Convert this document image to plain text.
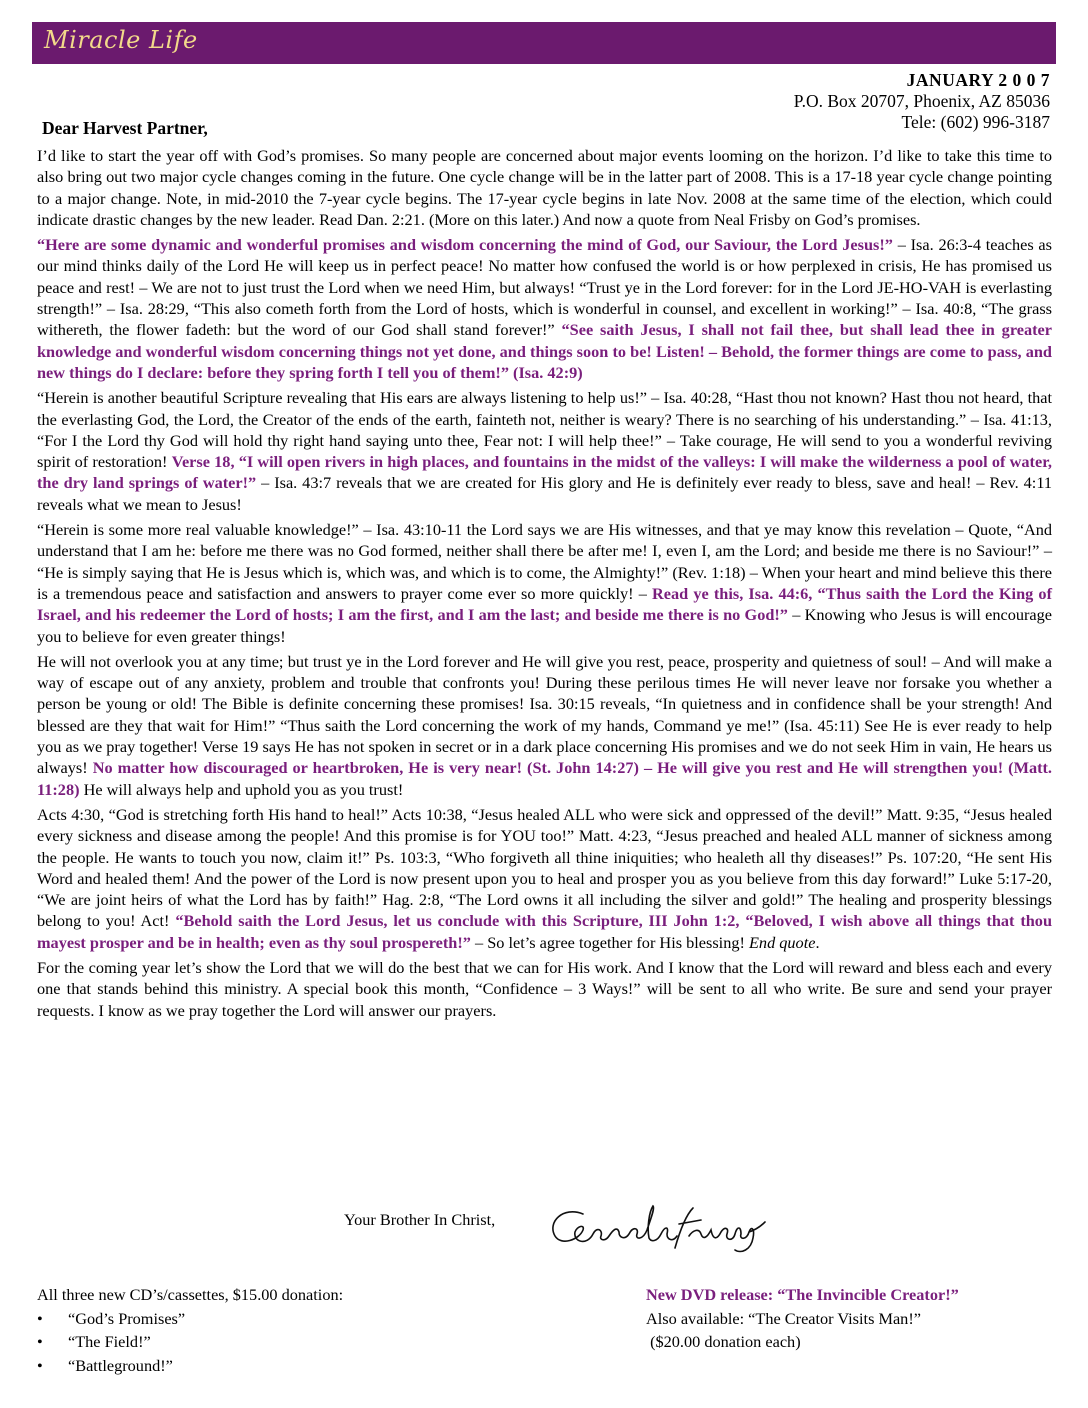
Miracle Life
JANUARY 2 0 0 7
P.O. Box 20707, Phoenix, AZ 85036
Tele: (602) 996-3187
Dear Harvest Partner,

I’d like to start the year off with God’s promises. So many people are concerned about major events looming on the horizon. I’d like to take this time to also bring out two major cycle changes coming in the future. One cycle change will be in the latter part of 2008. This is a 17-18 year cycle change pointing to a major change. Note, in mid-2010 the 7-year cycle begins. The 17-year cycle begins in late Nov. 2008 at the same time of the election, which could indicate drastic changes by the new leader. Read Dan. 2:21. (More on this later.) And now a quote from Neal Frisby on God’s promises.

“Here are some dynamic and wonderful promises and wisdom concerning the mind of God, our Saviour, the Lord Jesus!” – Isa. 26:3-4 teaches as our mind thinks daily of the Lord He will keep us in perfect peace! No matter how confused the world is or how perplexed in crisis, He has promised us peace and rest! – We are not to just trust the Lord when we need Him, but always! “Trust ye in the Lord forever: for in the Lord JE-HO-VAH is everlasting strength!” – Isa. 28:29, “This also cometh forth from the Lord of hosts, which is wonderful in counsel, and excellent in working!” – Isa. 40:8, “The grass withereth, the flower fadeth: but the word of our God shall stand forever!” “See saith Jesus, I shall not fail thee, but shall lead thee in greater knowledge and wonderful wisdom concerning things not yet done, and things soon to be! Listen! – Behold, the former things are come to pass, and new things do I declare: before they spring forth I tell you of them!” (Isa. 42:9)

“Herein is another beautiful Scripture revealing that His ears are always listening to help us!” – Isa. 40:28, “Hast thou not known? Hast thou not heard, that the everlasting God, the Lord, the Creator of the ends of the earth, fainteth not, neither is weary? There is no searching of his understanding.” – Isa. 41:13, “For I the Lord thy God will hold thy right hand saying unto thee, Fear not: I will help thee!” – Take courage, He will send to you a wonderful reviving spirit of restoration! Verse 18, “I will open rivers in high places, and fountains in the midst of the valleys: I will make the wilderness a pool of water, the dry land springs of water!” – Isa. 43:7 reveals that we are created for His glory and He is definitely ever ready to bless, save and heal! – Rev. 4:11 reveals what we mean to Jesus!

“Herein is some more real valuable knowledge!” – Isa. 43:10-11 the Lord says we are His witnesses, and that ye may know this revelation – Quote, “And understand that I am he: before me there was no God formed, neither shall there be after me! I, even I, am the Lord; and beside me there is no Saviour!” – “He is simply saying that He is Jesus which is, which was, and which is to come, the Almighty!” (Rev. 1:18) – When your heart and mind believe this there is a tremendous peace and satisfaction and answers to prayer come ever so more quickly! – Read ye this, Isa. 44:6, “Thus saith the Lord the King of Israel, and his redeemer the Lord of hosts; I am the first, and I am the last; and beside me there is no God!” – Knowing who Jesus is will encourage you to believe for even greater things!

He will not overlook you at any time; but trust ye in the Lord forever and He will give you rest, peace, prosperity and quietness of soul! – And will make a way of escape out of any anxiety, problem and trouble that confronts you! During these perilous times He will never leave nor forsake you whether a person be young or old! The Bible is definite concerning these promises! Isa. 30:15 reveals, “In quietness and in confidence shall be your strength! And blessed are they that wait for Him!” “Thus saith the Lord concerning the work of my hands, Command ye me!” (Isa. 45:11) See He is ever ready to help you as we pray together! Verse 19 says He has not spoken in secret or in a dark place concerning His promises and we do not seek Him in vain, He hears us always! No matter how discouraged or heartbroken, He is very near! (St. John 14:27) – He will give you rest and He will strengthen you! (Matt. 11:28) He will always help and uphold you as you trust!

Acts 4:30, “God is stretching forth His hand to heal!” Acts 10:38, “Jesus healed ALL who were sick and oppressed of the devil!” Matt. 9:35, “Jesus healed every sickness and disease among the people! And this promise is for YOU too!” Matt. 4:23, “Jesus preached and healed ALL manner of sickness among the people. He wants to touch you now, claim it!” Ps. 103:3, “Who forgiveth all thine iniquities; who healeth all thy diseases!” Ps. 107:20, “He sent His Word and healed them! And the power of the Lord is now present upon you to heal and prosper you as you believe from this day forward!” Luke 5:17-20, “We are joint heirs of what the Lord has by faith!” Hag. 2:8, “The Lord owns it all including the silver and gold!” The healing and prosperity blessings belong to you! Act! “Behold saith the Lord Jesus, let us conclude with this Scripture, III John 1:2, “Beloved, I wish above all things that thou mayest prosper and be in health; even as thy soul prospereth!” – So let’s agree together for His blessing! End quote.

For the coming year let’s show the Lord that we will do the best that we can for His work. And I know that the Lord will reward and bless each and every one that stands behind this ministry. A special book this month, “Confidence – 3 Ways!” will be sent to all who write. Be sure and send your prayer requests. I know as we pray together the Lord will answer our prayers.

Your Brother In Christ,
All three new CD’s/cassettes, $15.00 donation:
• “God’s Promises”
• “The Field!”
• “Battleground!”
New DVD release: “The Invincible Creator!”
Also available: “The Creator Visits Man!”
($20.00 donation each)
